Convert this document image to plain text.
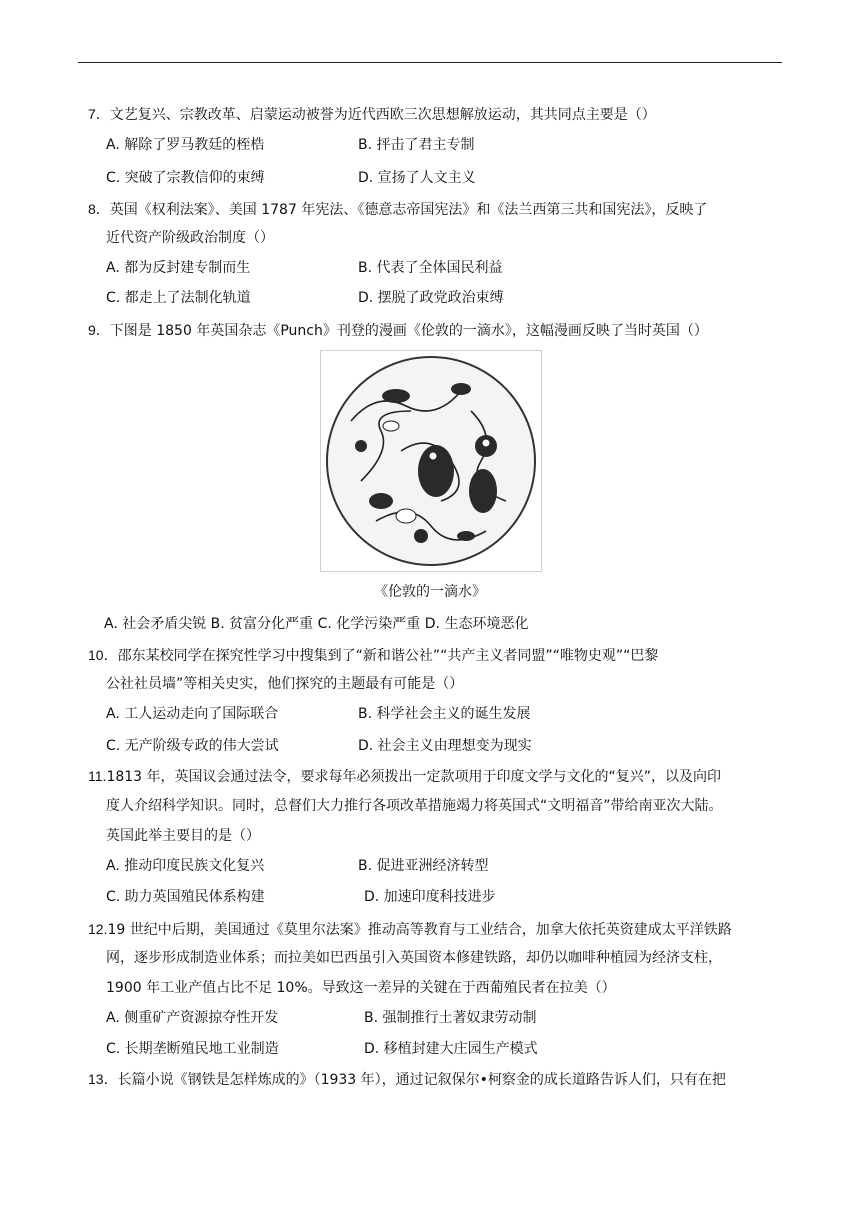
7．文艺复兴、宗教改革、启蒙运动被誉为近代西欧三次思想解放运动，其共同点主要是（）
A. 解除了罗马教廷的桎梏	B. 抨击了君主专制
C. 突破了宗教信仰的束缚	D. 宣扬了人文主义
8．英国《权利法案》、美国 1787 年宪法、《德意志帝国宪法》和《法兰西第三共和国宪法》，反映了
近代资产阶级政治制度（）
A. 都为反封建专制而生	B. 代表了全体国民利益
C. 都走上了法制化轨道	D. 摆脱了政党政治束缚
9．下图是 1850 年英国杂志《Punch》刊登的漫画《伦敦的一滴水》，这幅漫画反映了当时英国（）
《伦敦的一滴水》
A. 社会矛盾尖锐 B. 贫富分化严重 C. 化学污染严重 D. 生态环境恶化
10．邵东某校同学在探究性学习中搜集到了“新和谐公社”“共产主义者同盟”“唯物史观”“巴黎
公社社员墙”等相关史实，他们探究的主题最有可能是（）
A. 工人运动走向了国际联合	B. 科学社会主义的诞生发展
C. 无产阶级专政的伟大尝试	D. 社会主义由理想变为现实
11.1813 年，英国议会通过法令，要求每年必须拨出一定款项用于印度文学与文化的“复兴”，以及向印
度人介绍科学知识。同时，总督们大力推行各项改革措施竭力将英国式“文明福音”带给南亚次大陆。
英国此举主要目的是（）
A. 推动印度民族文化复兴	B. 促进亚洲经济转型
C. 助力英国殖民体系构建	D. 加速印度科技进步
12.19 世纪中后期，美国通过《莫里尔法案》推动高等教育与工业结合，加拿大依托英资建成太平洋铁路
网，逐步形成制造业体系；而拉美如巴西虽引入英国资本修建铁路，却仍以咖啡种植园为经济支柱，
1900 年工业产值占比不足 10%。导致这一差异的关键在于西葡殖民者在拉美（）
A. 侧重矿产资源掠夺性开发	B. 强制推行土著奴隶劳动制
C. 长期垄断殖民地工业制造	D. 移植封建大庄园生产模式
13．长篇小说《钢铁是怎样炼成的》（1933 年），通过记叙保尔•柯察金的成长道路告诉人们，只有在把
